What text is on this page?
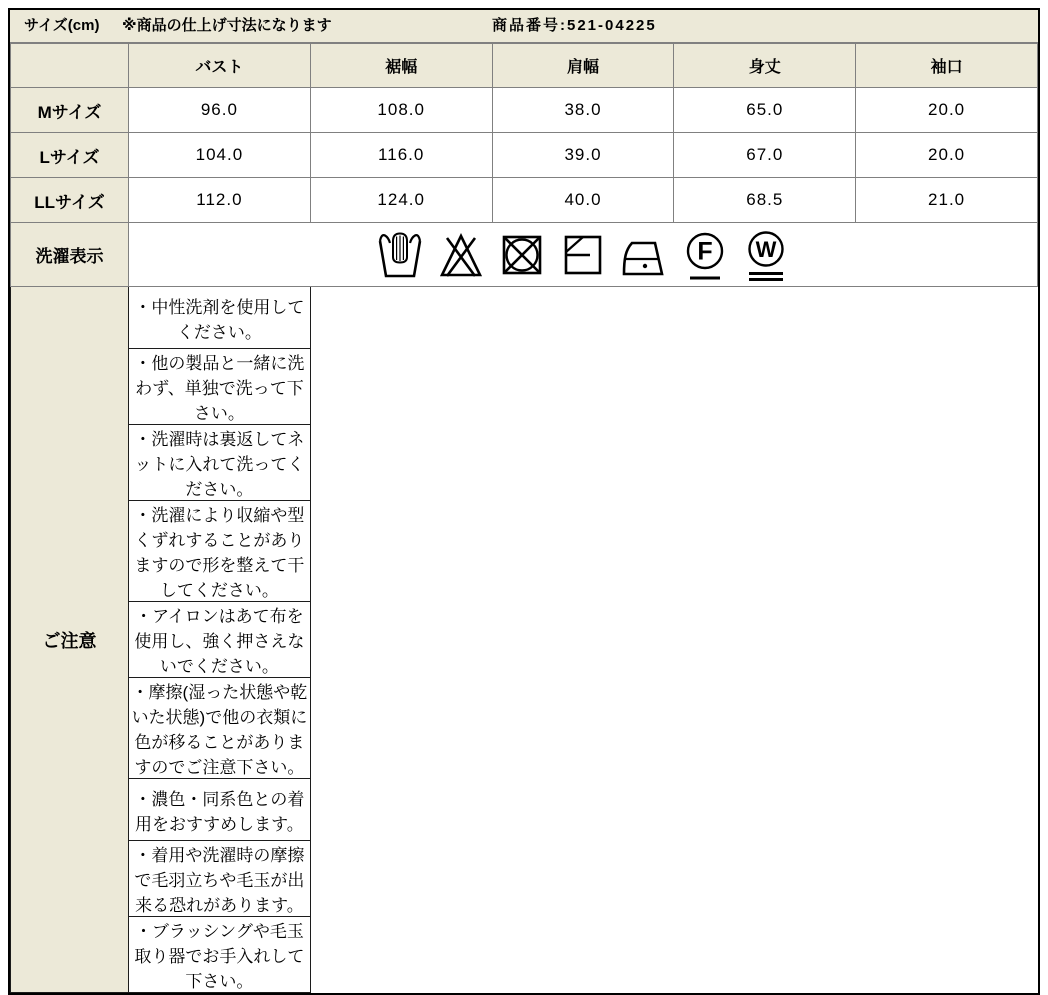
サイズ(cm) ※商品の仕上げ寸法になります	商品番号:521-04225
	バスト	裾幅	肩幅	身丈	袖口
Mサイズ	96.0	108.0	38.0	65.0	20.0
Lサイズ	104.0	116.0	39.0	67.0	20.0
LLサイズ	112.0	124.0	40.0	68.5	21.0
洗濯表示	F W				

ご注意	・中性洗剤を使用してください。				
	・他の製品と一緒に洗わず、単独で洗って下さい。				
	・洗濯時は裏返してネットに入れて洗ってください。				
	・洗濯により収縮や型くずれすることがありますので形を整えて干してください。				
	・アイロンはあて布を使用し、強く押さえないでください。				
	・摩擦(湿った状態や乾いた状態)で他の衣類に色が移ることがありますのでご注意下さい。				
	・濃色・同系色との着用をおすすめします。				
	・着用や洗濯時の摩擦で毛羽立ちや毛玉が出来る恐れがあります。				
	・ブラッシングや毛玉取り器でお手入れして下さい。				
